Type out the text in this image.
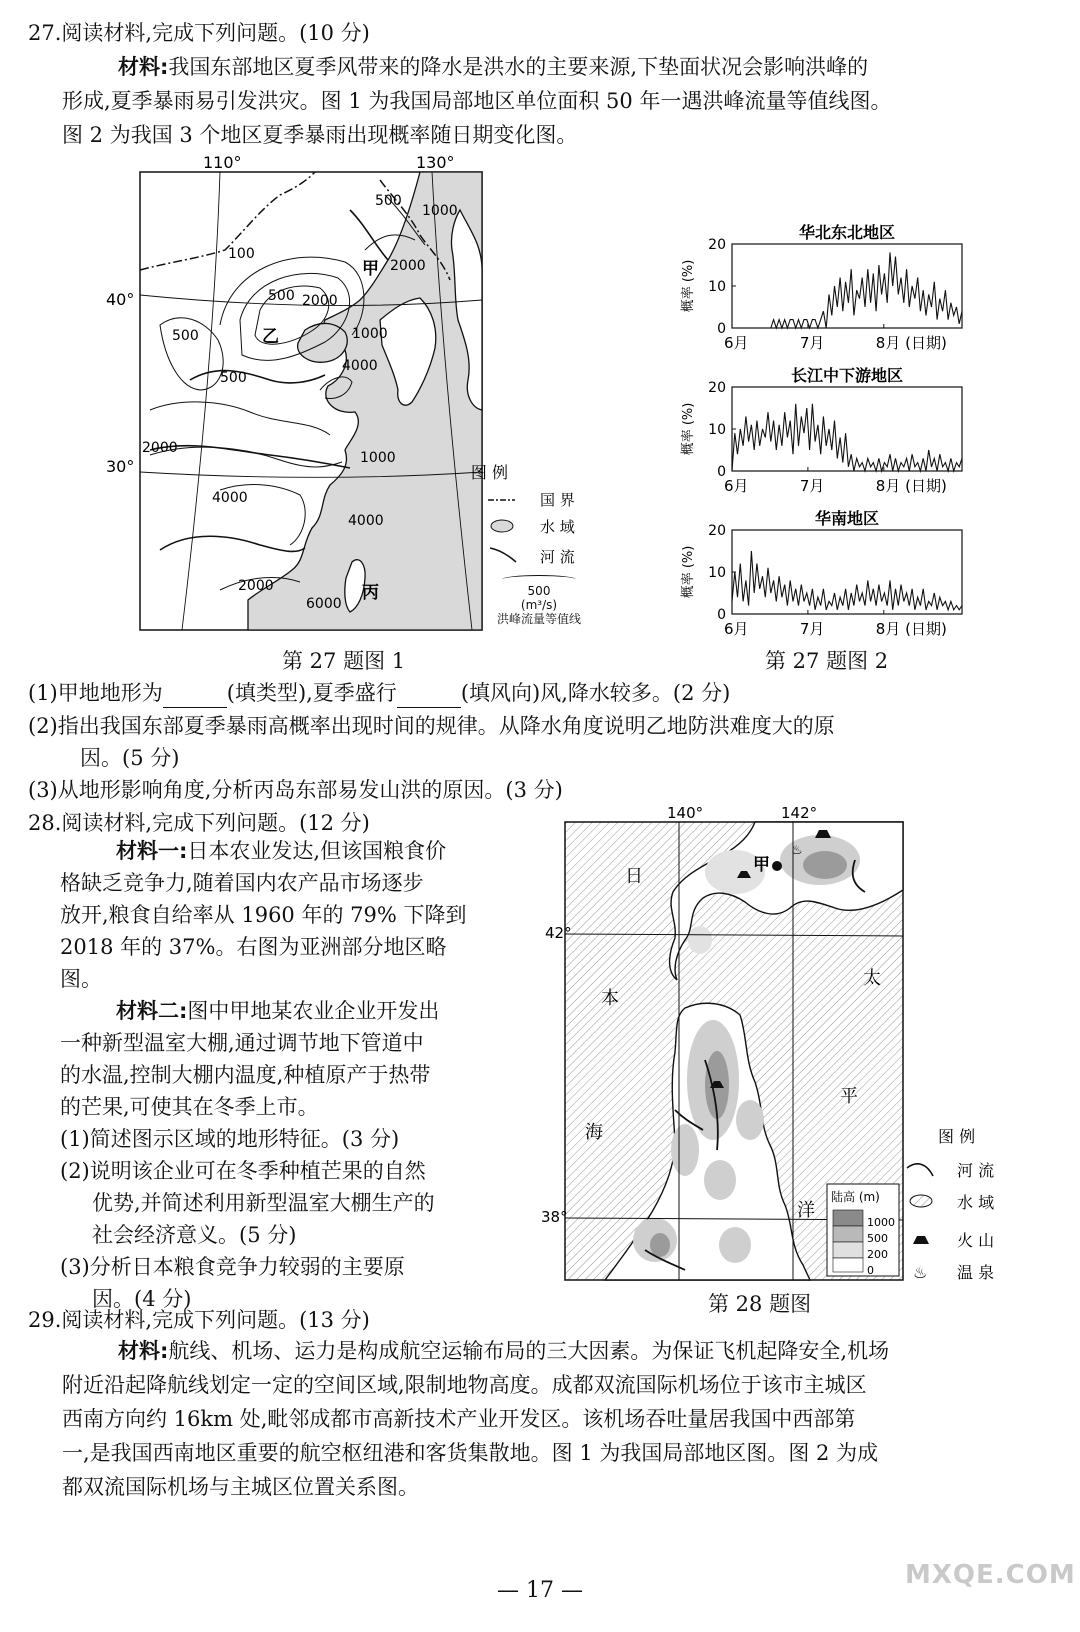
27.阅读材料,完成下列问题。(10 分)
材料:我国东部地区夏季风带来的降水是洪水的主要来源,下垫面状况会影响洪峰的
形成,夏季暴雨易引发洪灾。图 1 为我国局部地区单位面积 50 年一遇洪峰流量等值线图。
图 2 为我国 3 个地区夏季暴雨出现概率随日期变化图。
110°	130°
40°
30°
500
1000
100
2000
500 2000
500	1000
500
4000
2000
1000
4000
4000
2000
6000
甲
乙
丙
图 例
国 界
水 域
河 流
500
(m³/s)
洪峰流量等值线
华北东北地区
20
10
0
概率 (%)
6月	7月	8月 (日期)
长江中下游地区
20
10
0
概率 (%)
6月	7月	8月 (日期)
华南地区
20
10
0
概率 (%)
6月	7月	8月 (日期)
第 27 题图 1	第 27 题图 2
(1)甲地地形为	(填类型),夏季盛行	(填风向)风,降水较多。(2 分)
(2)指出我国东部夏季暴雨高概率出现时间的规律。从降水角度说明乙地防洪难度大的原
因。(5 分)
(3)从地形影响角度,分析丙岛东部易发山洪的原因。(3 分)
28.阅读材料,完成下列问题。(12 分)
材料一:日本农业发达,但该国粮食价
格缺乏竞争力,随着国内农产品市场逐步
放开,粮食自给率从 1960 年的 79% 下降到
2018 年的 37%。右图为亚洲部分地区略
图。
材料二:图中甲地某农业企业开发出
一种新型温室大棚,通过调节地下管道中
的水温,控制大棚内温度,种植原产于热带
的芒果,可使其在冬季上市。
(1)简述图示区域的地形特征。(3 分)
(2)说明该企业可在冬季种植芒果的自然
优势,并简述利用新型温室大棚生产的
社会经济意义。(5 分)
(3)分析日本粮食竞争力较弱的主要原
因。(4 分)
140°	142°
42°
38°
♨
甲
日
本
海
太
平
洋
陆高 (m)
1000
500
200
0
图 例
河 流
水 域
火 山
♨ 温 泉
第 28 题图
29.阅读材料,完成下列问题。(13 分)
材料:航线、机场、运力是构成航空运输布局的三大因素。为保证飞机起降安全,机场
附近沿起降航线划定一定的空间区域,限制地物高度。成都双流国际机场位于该市主城区
西南方向约 16km 处,毗邻成都市高新技术产业开发区。该机场吞吐量居我国中西部第
一,是我国西南地区重要的航空枢纽港和客货集散地。图 1 为我国局部地区图。图 2 为成
都双流国际机场与主城区位置关系图。
— 17 —
MXQE.COM
